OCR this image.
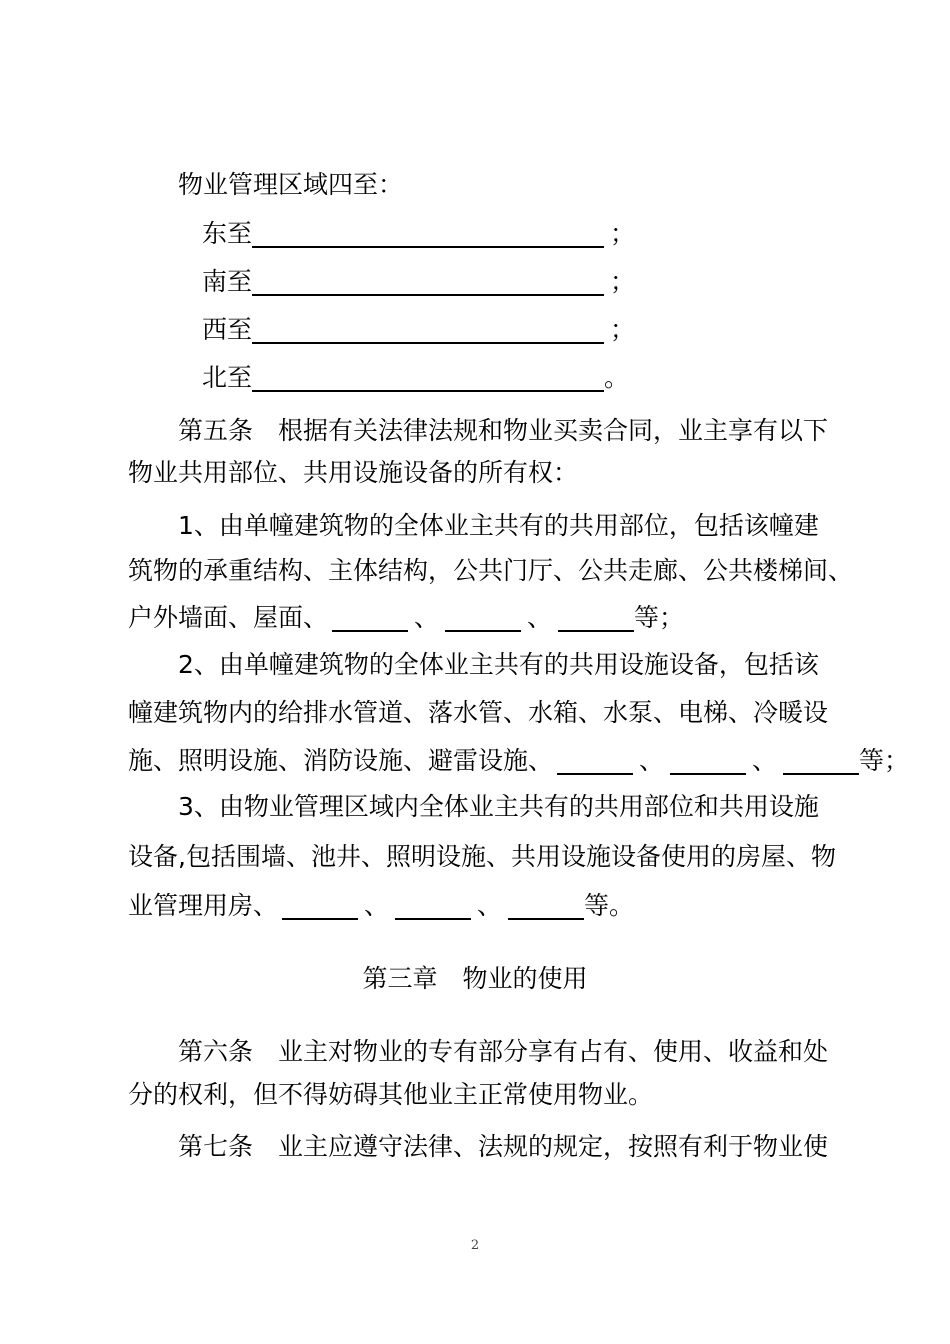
物业管理区域四至：
东至	；
南至	；
西至	；
北至	。
第五条　根据有关法律法规和物业买卖合同，业主享有以下
物业共用部位、共用设施设备的所有权：
1、由单幢建筑物的全体业主共有的共用部位，包括该幢建
筑物的承重结构、主体结构，公共门厅、公共走廊、公共楼梯间、
户外墙面、屋面、	、	、	等；
2、由单幢建筑物的全体业主共有的共用设施设备，包括该
幢建筑物内的给排水管道、落水管、水箱、水泵、电梯、冷暖设
施、照明设施、消防设施、避雷设施、	、	、	等；
3、由物业管理区域内全体业主共有的共用部位和共用设施
设备,包括围墙、池井、照明设施、共用设施设备使用的房屋、物
业管理用房、	、	、	等。
第三章　物业的使用
第六条　业主对物业的专有部分享有占有、使用、收益和处
分的权利，但不得妨碍其他业主正常使用物业。
第七条　业主应遵守法律、法规的规定，按照有利于物业使
2
